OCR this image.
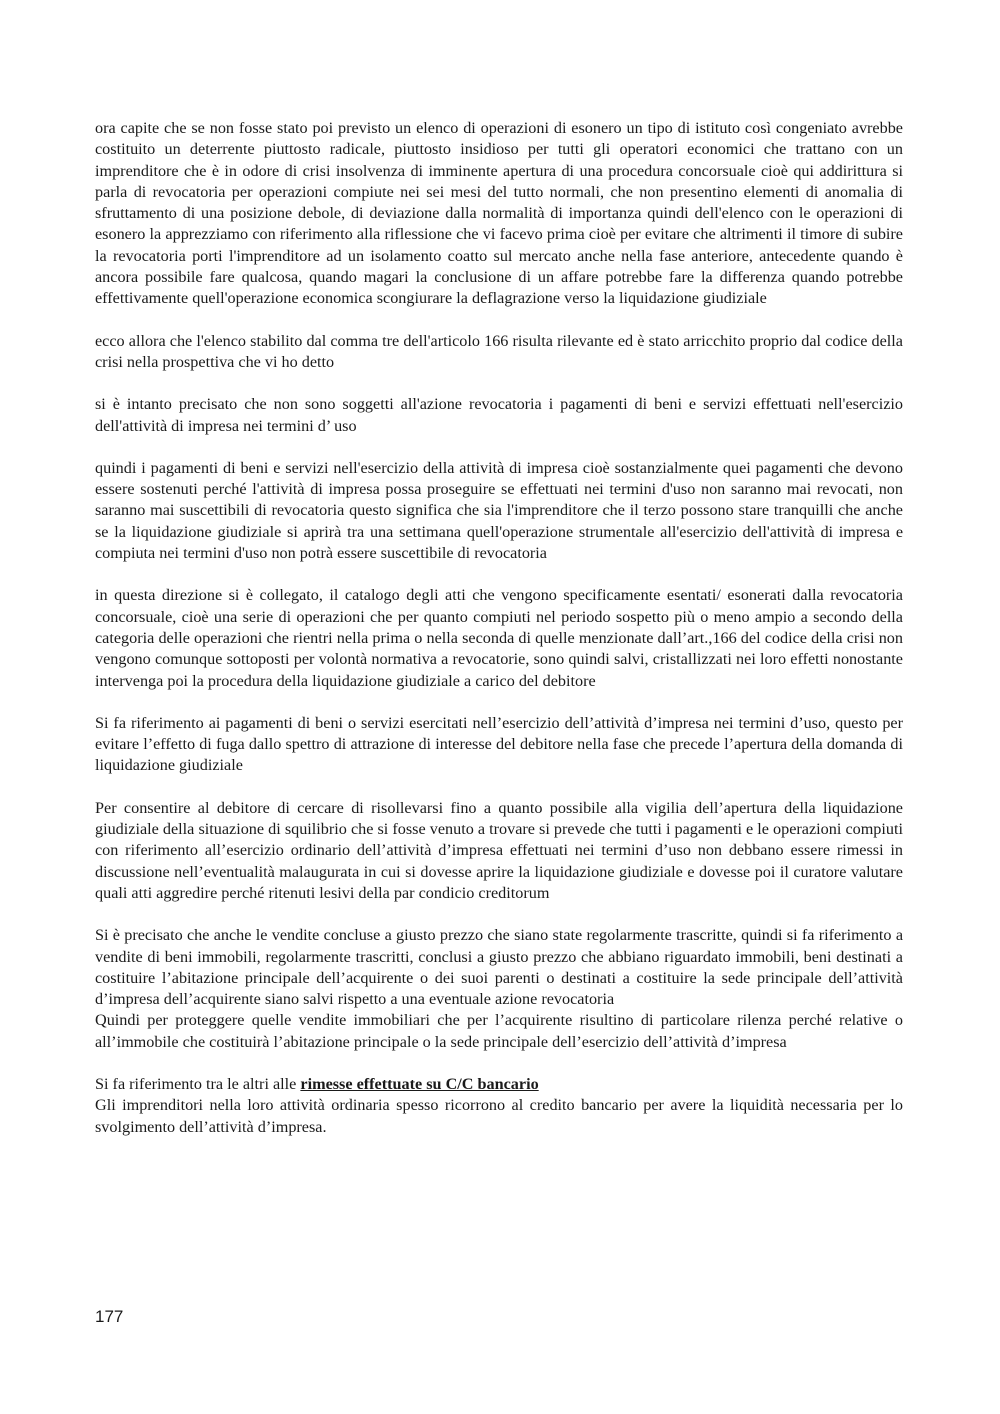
ora capite che se non fosse stato poi previsto un elenco di operazioni di esonero un tipo di istituto così congeniato avrebbe costituito un deterrente piuttosto radicale, piuttosto insidioso per tutti gli operatori economici che trattano con un imprenditore che è in odore di crisi insolvenza di imminente apertura di una procedura concorsuale cioè qui addirittura si parla di revocatoria per operazioni compiute nei sei mesi del tutto normali, che non presentino elementi di anomalia di sfruttamento di una posizione debole, di deviazione dalla normalità di importanza quindi dell'elenco con le operazioni di esonero la apprezziamo con riferimento alla riflessione che vi facevo prima cioè per evitare che altrimenti il timore di subire la revocatoria porti l'imprenditore ad un isolamento coatto sul mercato anche nella fase anteriore, antecedente quando è ancora possibile fare qualcosa, quando magari la conclusione di un affare potrebbe fare la differenza quando potrebbe effettivamente quell'operazione economica scongiurare la deflagrazione verso la liquidazione giudiziale

ecco allora che l'elenco stabilito dal comma tre dell'articolo 166 risulta rilevante ed è stato arricchito proprio dal codice della crisi nella prospettiva che vi ho detto

si è intanto precisato che non sono soggetti all'azione revocatoria i pagamenti di beni e servizi effettuati nell'esercizio dell'attività di impresa nei termini d’ uso

quindi i pagamenti di beni e servizi nell'esercizio della attività di impresa cioè sostanzialmente quei pagamenti che devono essere sostenuti perché l'attività di impresa possa proseguire se effettuati nei termini d'uso non saranno mai revocati, non saranno mai suscettibili di revocatoria questo significa che sia l'imprenditore che il terzo possono stare tranquilli che anche se la liquidazione giudiziale si aprirà tra una settimana quell'operazione strumentale all'esercizio dell'attività di impresa e compiuta nei termini d'uso non potrà essere suscettibile di revocatoria

in questa direzione si è collegato, il catalogo degli atti che vengono specificamente esentati/ esonerati dalla revocatoria concorsuale, cioè una serie di operazioni che per quanto compiuti nel periodo sospetto più o meno ampio a secondo della categoria delle operazioni che rientri nella prima o nella seconda di quelle menzionate dall’art.,166 del codice della crisi non vengono comunque sottoposti per volontà normativa a revocatorie, sono quindi salvi, cristallizzati nei loro effetti nonostante intervenga poi la procedura della liquidazione giudiziale a carico del debitore

Si fa riferimento ai pagamenti di beni o servizi esercitati nell’esercizio dell’attività d’impresa nei termini d’uso, questo per evitare l’effetto di fuga dallo spettro di attrazione di interesse del debitore nella fase che precede l’apertura della domanda di liquidazione giudiziale

Per consentire al debitore di cercare di risollevarsi fino a quanto possibile alla vigilia dell’apertura della liquidazione giudiziale della situazione di squilibrio che si fosse venuto a trovare si prevede che tutti i pagamenti e le operazioni compiuti con riferimento all’esercizio ordinario dell’attività d’impresa effettuati nei termini d’uso non debbano essere rimessi in discussione nell’eventualità malaugurata in cui si dovesse aprire la liquidazione giudiziale e dovesse poi il curatore valutare quali atti aggredire perché ritenuti lesivi della par condicio creditorum

Si è precisato che anche le vendite concluse a giusto prezzo che siano state regolarmente trascritte, quindi si fa riferimento a vendite di beni immobili, regolarmente trascritti, conclusi a giusto prezzo che abbiano riguardato immobili, beni destinati a costituire l’abitazione principale dell’acquirente o dei suoi parenti o destinati a costituire la sede principale dell’attività d’impresa dell’acquirente siano salvi rispetto a una eventuale azione revocatoria

Quindi per proteggere quelle vendite immobiliari che per l’acquirente risultino di particolare rilenza perché relative o all’immobile che costituirà l’abitazione principale o la sede principale dell’esercizio dell’attività d’impresa

Si fa riferimento tra le altri alle rimesse effettuate su C/C bancario

Gli imprenditori nella loro attività ordinaria spesso ricorrono al credito bancario per avere la liquidità necessaria per lo svolgimento dell’attività d’impresa.

177
